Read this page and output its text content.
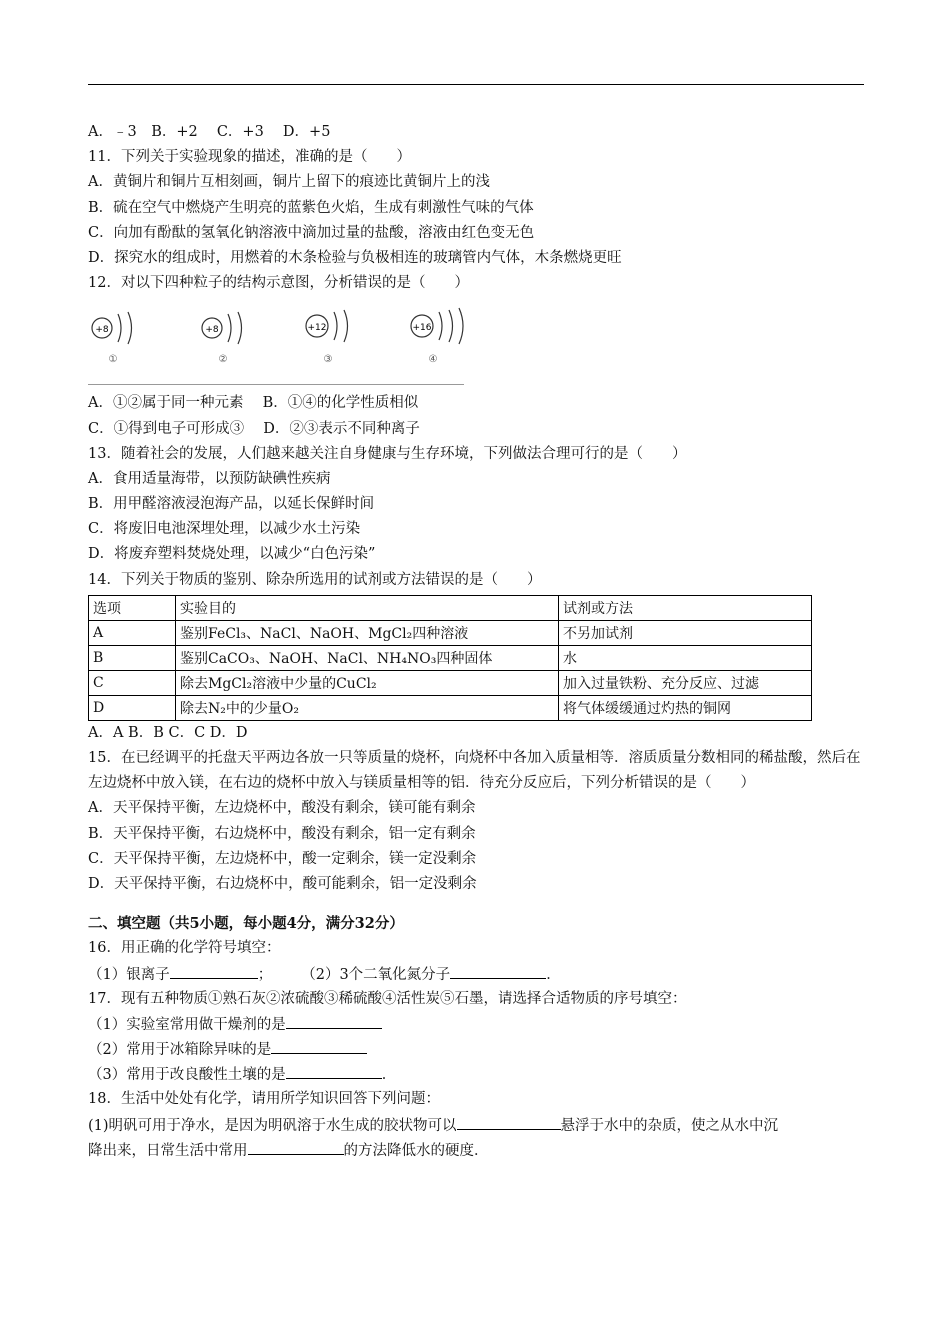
A．﹣3　B．+2　 C．+3　 D．+5
11．下列关于实验现象的描述，准确的是（　　）
A．黄铜片和铜片互相刻画，铜片上留下的痕迹比黄铜片上的浅
B．硫在空气中燃烧产生明亮的蓝紫色火焰，生成有刺激性气味的气体
C．向加有酚酞的氢氧化钠溶液中滴加过量的盐酸，溶液由红色变无色
D．探究水的组成时，用燃着的木条检验与负极相连的玻璃管内气体，木条燃烧更旺
12．对以下四种粒子的结构示意图，分析错误的是（　　）
+8
①
+8
②
+12
③
+16
④
A．①②属于同一种元素　 B．①④的化学性质相似
C．①得到电子可形成③　 D．②③表示不同种离子
13．随着社会的发展，人们越来越关注自身健康与生存环境，下列做法合理可行的是（　　）
A．食用适量海带，以预防缺碘性疾病
B．用甲醛溶液浸泡海产品，以延长保鲜时间
C．将废旧电池深埋处理，以减少水土污染
D．将废弃塑料焚烧处理，以减少“白色污染”
14．下列关于物质的鉴别、除杂所选用的试剂或方法错误的是（　　）
选项	实验目的	试剂或方法
A	鉴别FeCl₃、NaCl、NaOH、MgCl₂四种溶液	不另加试剂
B	鉴别CaCO₃、NaOH、NaCl、NH₄NO₃四种固体	水
C	除去MgCl₂溶液中少量的CuCl₂	加入过量铁粉、充分反应、过滤
D	除去N₂中的少量O₂	将气体缓缓通过灼热的铜网
A．A B．B C．C D．D
15．在已经调平的托盘天平两边各放一只等质量的烧杯，向烧杯中各加入质量相等．溶质质量分数相同的稀盐酸，然后在左边烧杯中放入镁，在右边的烧杯中放入与镁质量相等的铝．待充分反应后，下列分析错误的是（　　）
A．天平保持平衡，左边烧杯中，酸没有剩余，镁可能有剩余
B．天平保持平衡，右边烧杯中，酸没有剩余，铝一定有剩余
C．天平保持平衡，左边烧杯中，酸一定剩余，镁一定没剩余
D．天平保持平衡，右边烧杯中，酸可能剩余，铝一定没剩余
二、填空题（共5小题，每小题4分，满分32分）
16．用正确的化学符号填空：
（1）银离子	；   （2）3个二氧化氮分子	．
17．现有五种物质①熟石灰②浓硫酸③稀硫酸④活性炭⑤石墨，请选择合适物质的序号填空：
（1）实验室常用做干燥剂的是
（2）常用于冰箱除异味的是
（3）常用于改良酸性土壤的是	．
18．生活中处处有化学，请用所学知识回答下列问题：
(1)明矾可用于净水，是因为明矾溶于水生成的胶状物可以	悬浮于水中的杂质，使之从水中沉
降出来，日常生活中常用	的方法降低水的硬度．
